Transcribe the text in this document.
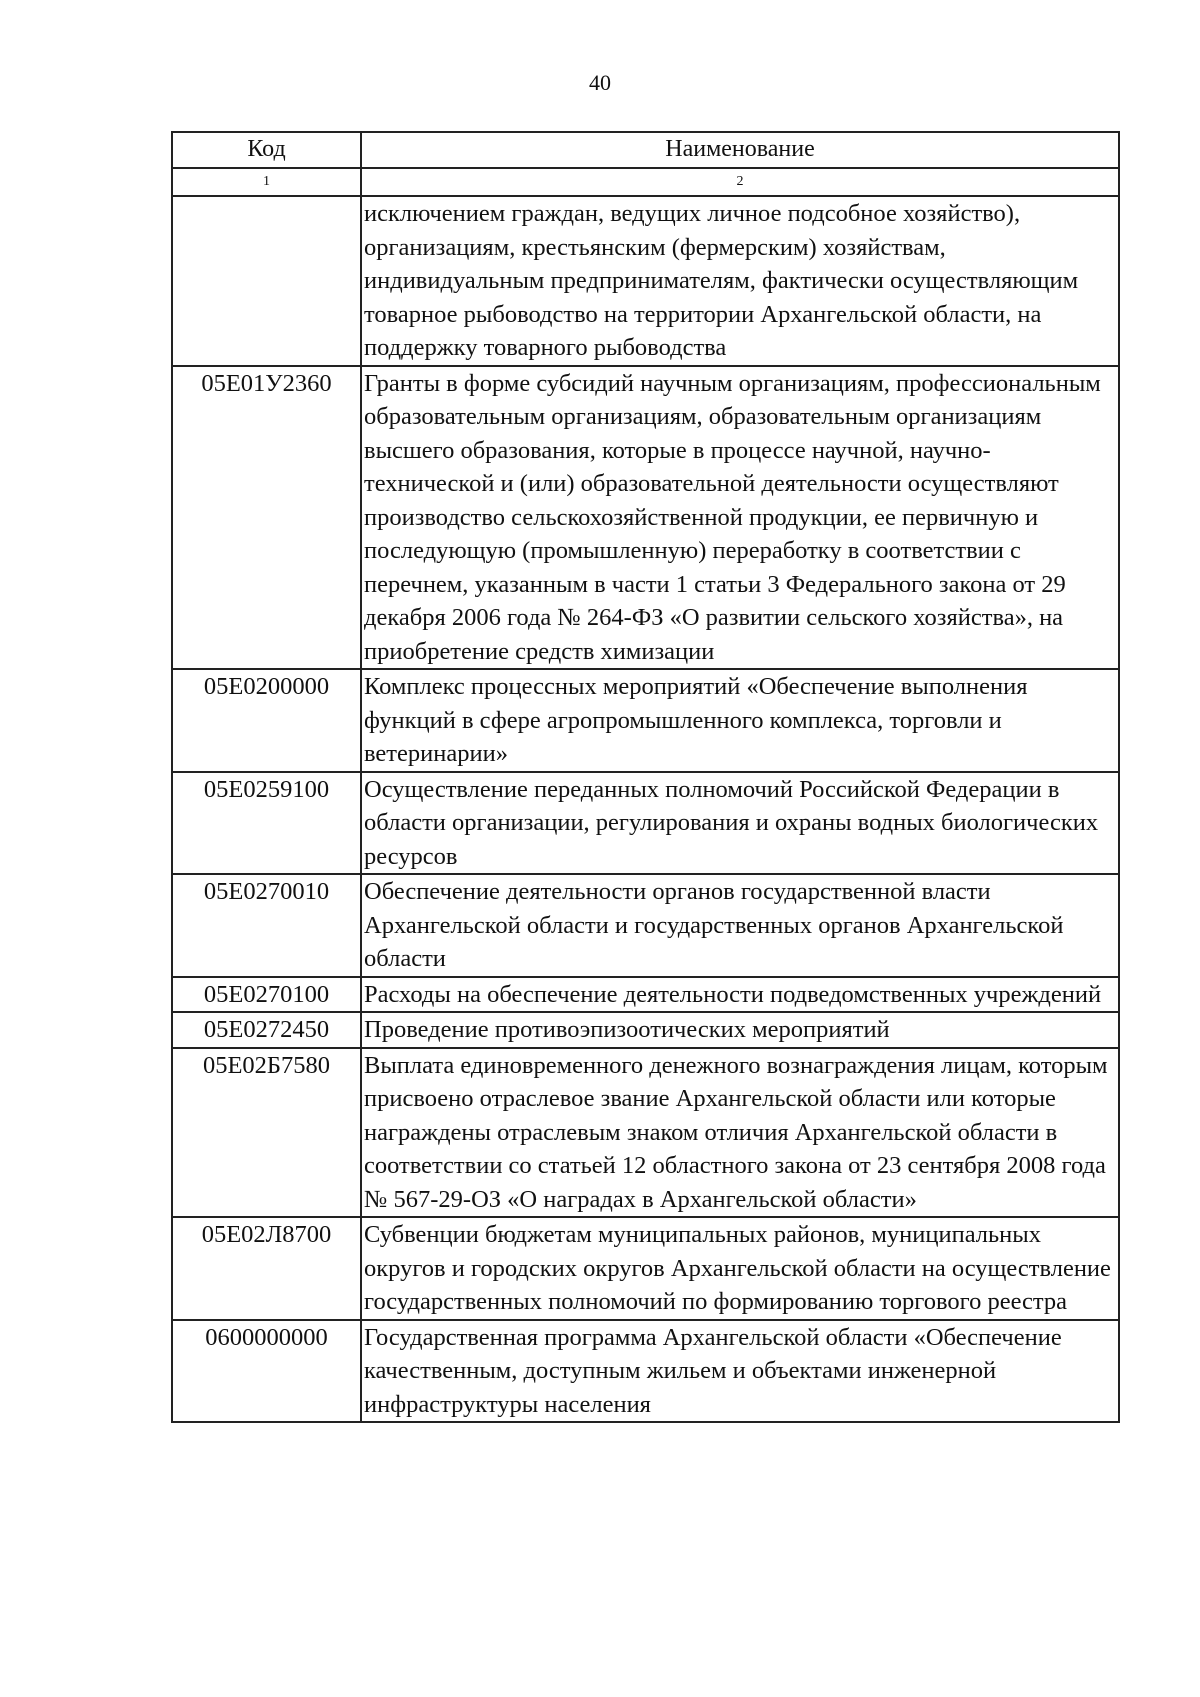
40
Код	Наименование
1	2
	исключением граждан, ведущих личное подсобное хозяйство), организациям, крестьянским (фермерским) хозяйствам, индивидуальным предпринимателям, фактически осуществляющим товарное рыбоводство на территории Архангельской области, на поддержку товарного рыбоводства
05Е01У2360	Гранты в форме субсидий научным организациям, профессиональным образовательным организациям, образовательным организациям высшего образования, которые в процессе научной, научно-технической и (или) образовательной деятельности осуществляют производство сельскохозяйственной продукции, ее первичную и последующую (промышленную) переработку в соответствии с перечнем, указанным в части 1 статьи 3 Федерального закона от 29 декабря 2006 года № 264-ФЗ «О развитии сельского хозяйства», на приобретение средств химизации
05Е0200000	Комплекс процессных мероприятий «Обеспечение выполнения функций в сфере агропромышленного комплекса, торговли и ветеринарии»
05Е0259100	Осуществление переданных полномочий Российской Федерации в области организации, регулирования и охраны водных биологических ресурсов
05Е0270010	Обеспечение деятельности органов государственной власти Архангельской области и государственных органов Архангельской области
05Е0270100	Расходы на обеспечение деятельности подведомственных учреждений
05Е0272450	Проведение противоэпизоотических мероприятий
05Е02Б7580	Выплата единовременного денежного вознаграждения лицам, которым присвоено отраслевое звание Архангельской области или которые награждены отраслевым знаком отличия Архангельской области в соответствии со статьей 12 областного закона от 23 сентября 2008 года № 567-29-ОЗ «О наградах в Архангельской области»
05Е02Л8700	Субвенции бюджетам муниципальных районов, муниципальных округов и городских округов Архангельской области на осуществление государственных полномочий по формированию торгового реестра
0600000000	Государственная программа Архангельской области «Обеспечение качественным, доступным жильем и объектами инженерной инфраструктуры населения
